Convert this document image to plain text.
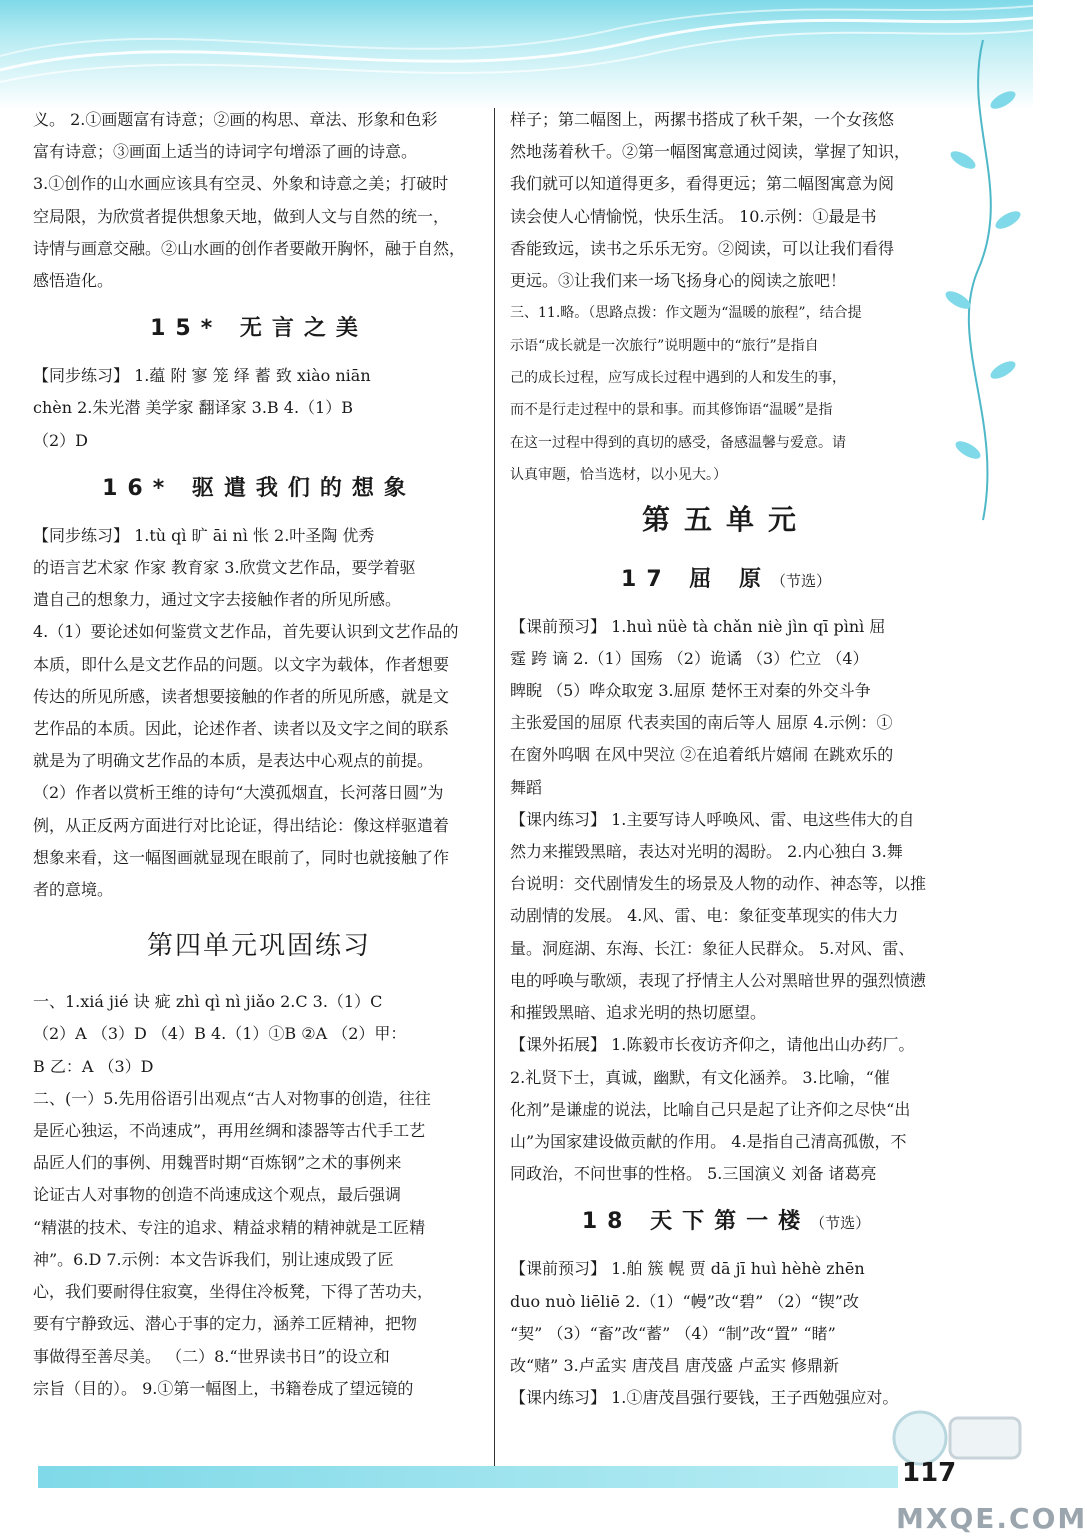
义。 2.①画题富有诗意；②画的构思、章法、形象和色彩

富有诗意；③画面上适当的诗词字句增添了画的诗意。

3.①创作的山水画应该具有空灵、外象和诗意之美；打破时

空局限，为欣赏者提供想象天地，做到人文与自然的统一，

诗情与画意交融。②山水画的创作者要敞开胸怀，融于自然，

感悟造化。

15* 无言之美

【同步练习】 1.蕴 附 寥 笼 绎 蓄 致 xiào niān

chèn 2.朱光潜 美学家 翻译家 3.B 4.（1）B

（2）D

16* 驱遣我们的想象

【同步练习】 1.tù qì 旷 āi nì 怅 2.叶圣陶 优秀

的语言艺术家 作家 教育家 3.欣赏文艺作品，要学着驱

遣自己的想象力，通过文字去接触作者的所见所感。

4.（1）要论述如何鉴赏文艺作品，首先要认识到文艺作品的

本质，即什么是文艺作品的问题。以文字为载体，作者想要

传达的所见所感，读者想要接触的作者的所见所感，就是文

艺作品的本质。因此，论述作者、读者以及文字之间的联系

就是为了明确文艺作品的本质，是表达中心观点的前提。

（2）作者以赏析王维的诗句“大漠孤烟直，长河落日圆”为

例，从正反两方面进行对比论证，得出结论：像这样驱遣着

想象来看，这一幅图画就显现在眼前了，同时也就接触了作

者的意境。

第四单元巩固练习

一、1.xiá jié 诀 疵 zhì qì nì jiǎo 2.C 3.（1）C

（2）A （3）D （4）B 4.（1）①B ②A （2）甲：

B 乙：A （3）D

二、(一）5.先用俗语引出观点“古人对物事的创造，往往

是匠心独运，不尚速成”，再用丝绸和漆器等古代手工艺

品匠人们的事例、用魏晋时期“百炼钢”之术的事例来

论证古人对事物的创造不尚速成这个观点，最后强调

“精湛的技术、专注的追求、精益求精的精神就是工匠精

神”。6.D 7.示例：本文告诉我们，别让速成毁了匠

心，我们要耐得住寂寞，坐得住冷板凳，下得了苦功夫，

要有宁静致远、潜心于事的定力，涵养工匠精神，把物

事做得至善尽美。 （二）8.“世界读书日”的设立和

宗旨（目的）。 9.①第一幅图上，书籍卷成了望远镜的

样子；第二幅图上，两摞书搭成了秋千架，一个女孩悠

然地荡着秋千。②第一幅图寓意通过阅读，掌握了知识，

我们就可以知道得更多，看得更远；第二幅图寓意为阅

读会使人心情愉悦，快乐生活。 10.示例：①最是书

香能致远，读书之乐乐无穷。②阅读，可以让我们看得

更远。③让我们来一场飞扬身心的阅读之旅吧！

三、11.略。（思路点拨：作文题为“温暖的旅程”，结合提

示语“成长就是一次旅行”说明题中的“旅行”是指自

己的成长过程，应写成长过程中遇到的人和发生的事，

而不是行走过程中的景和事。而其修饰语“温暖”是指

在这一过程中得到的真切的感受，备感温馨与爱意。请

认真审题，恰当选材，以小见大。）

第五单元
17 屈 原（节选）

【课前预习】 1.huì nüè tà chǎn niè jìn qī pìnì 屈

霆 跨 谪 2.（1）国殇 （2）诡谲 （3）伫立 （4）

睥睨 （5）哗众取宠 3.屈原 楚怀王对秦的外交斗争

主张爱国的屈原 代表卖国的南后等人 屈原 4.示例：①

在窗外呜咽 在风中哭泣 ②在追着纸片嬉闹 在跳欢乐的

舞蹈

【课内练习】 1.主要写诗人呼唤风、雷、电这些伟大的自

然力来摧毁黑暗，表达对光明的渴盼。 2.内心独白 3.舞

台说明：交代剧情发生的场景及人物的动作、神态等，以推

动剧情的发展。 4.风、雷、电：象征变革现实的伟大力

量。洞庭湖、东海、长江：象征人民群众。 5.对风、雷、

电的呼唤与歌颂，表现了抒情主人公对黑暗世界的强烈愤懑

和摧毁黑暗、追求光明的热切愿望。

【课外拓展】 1.陈毅市长夜访齐仰之，请他出山办药厂。

2.礼贤下士，真诚，幽默，有文化涵养。 3.比喻，“催

化剂”是谦虚的说法，比喻自己只是起了让齐仰之尽快“出

山”为国家建设做贡献的作用。 4.是指自己清高孤傲，不

同政治，不问世事的性格。 5.三国演义 刘备 诸葛亮

18 天下第一楼（节选）

【课前预习】 1.舶 簇 幌 贾 dā jī huì hèhè zhēn

duo nuò liēliē 2.（1）“幔”改“碧” （2）“锲”改

“契” （3）“畜”改“蓄” （4）“制”改“置” “睹”

改“赌” 3.卢孟实 唐茂昌 唐茂盛 卢孟实 修鼎新

【课内练习】 1.①唐茂昌强行要钱，王子西勉强应对。

117
MXQE.COM
